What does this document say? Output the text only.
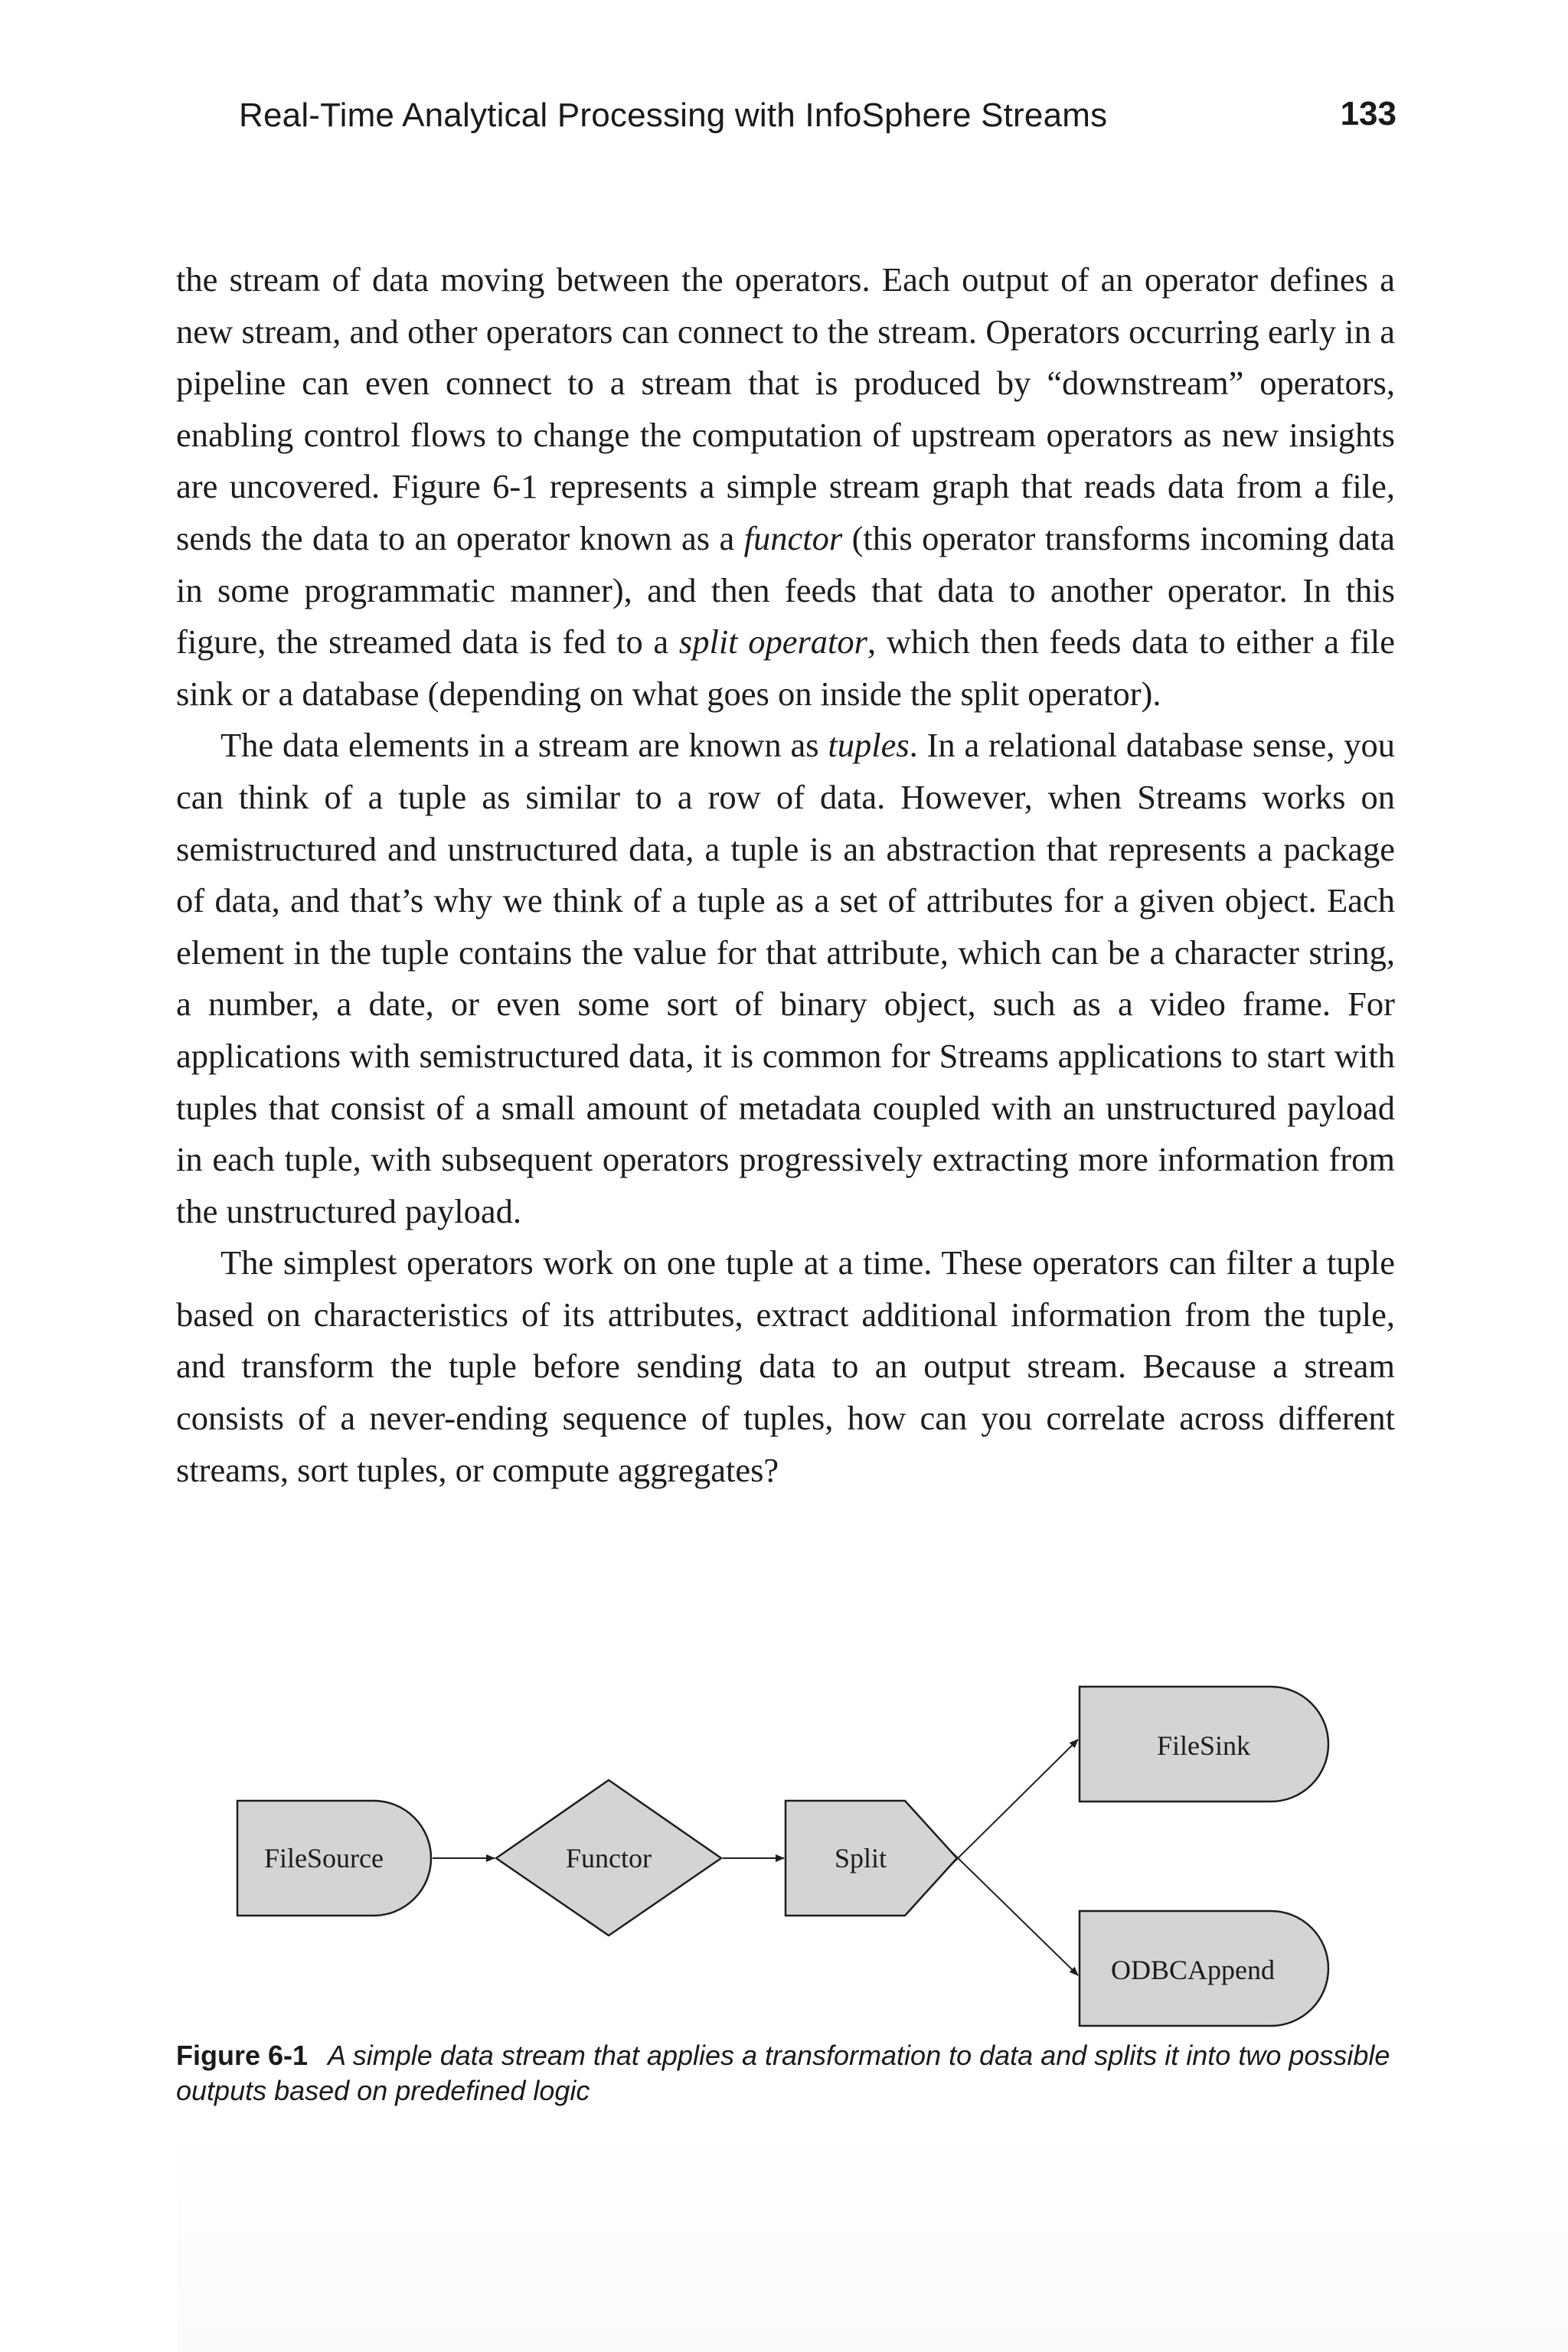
Real-Time Analytical Processing with InfoSphere Streams	133

the stream of data moving between the operators. Each output of an operator defines a new stream, and other operators can connect to the stream. Operators occurring early in a pipeline can even connect to a stream that is produced by “downstream” operators, enabling control flows to change the computation of upstream operators as new insights are uncovered. Figure 6-1 represents a simple stream graph that reads data from a file, sends the data to an operator known as a functor (this operator transforms incoming data in some programmatic manner), and then feeds that data to another operator. In this figure, the streamed data is fed to a split operator, which then feeds data to either a file sink or a database (depending on what goes on inside the split operator).

The data elements in a stream are known as tuples. In a relational database sense, you can think of a tuple as similar to a row of data. However, when Streams works on semistructured and unstructured data, a tuple is an abstraction that represents a package of data, and that’s why we think of a tuple as a set of attributes for a given object. Each element in the tuple contains the value for that attribute, which can be a character string, a number, a date, or even some sort of binary object, such as a video frame. For applications with semistructured data, it is common for Streams applications to start with tuples that consist of a small amount of metadata coupled with an unstructured payload in each tuple, with subsequent operators progressively extracting more information from the unstructured payload.

The simplest operators work on one tuple at a time. These operators can filter a tuple based on characteristics of its attributes, extract additional information from the tuple, and transform the tuple before sending data to an output stream. Because a stream consists of a never-ending sequence of tuples, how can you correlate across different streams, sort tuples, or compute aggregates?

FileSource	Functor	Split
FileSink
ODBCAppend
Figure 6-1 A simple data stream that applies a transformation to data and splits it into two possible outputs based on predefined logic
